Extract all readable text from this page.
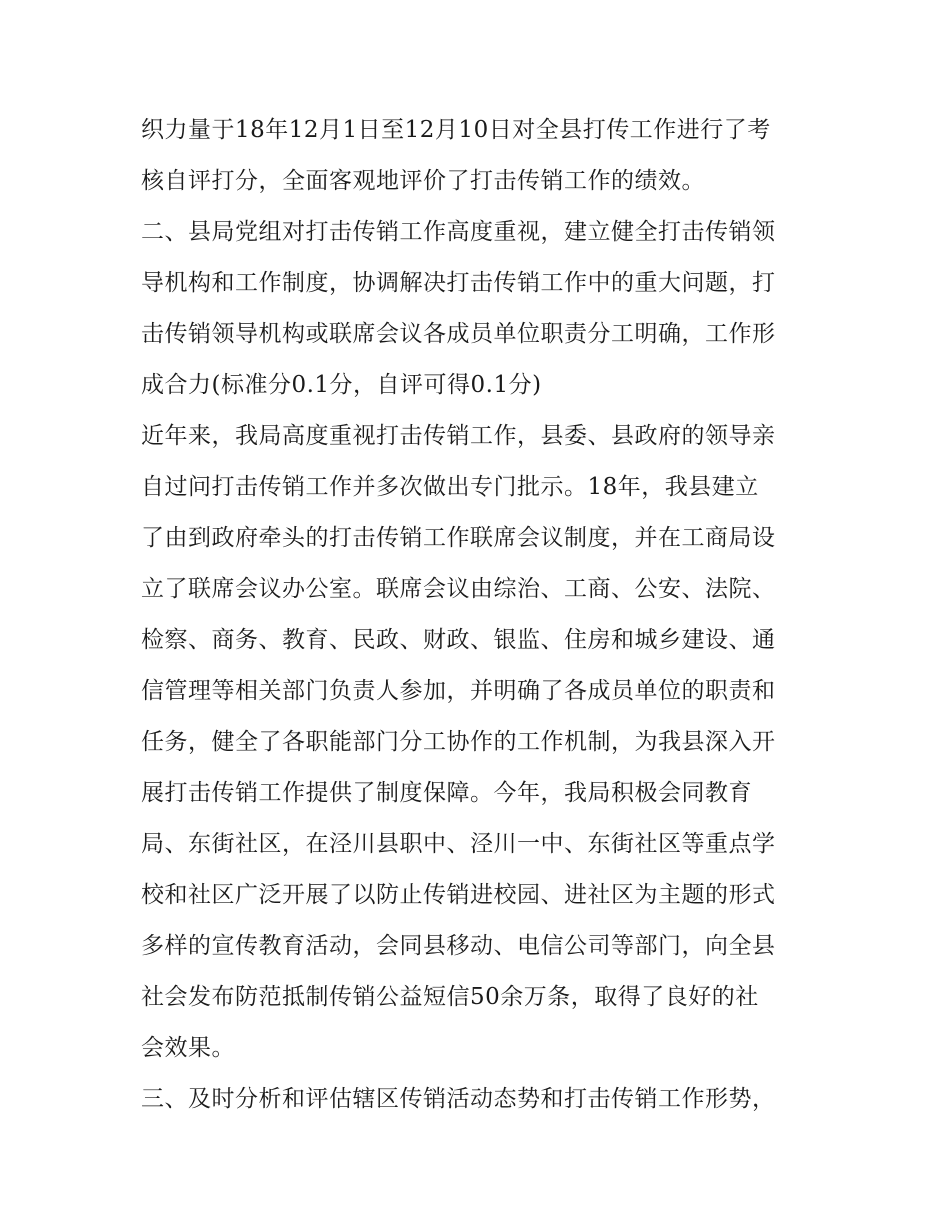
织力量于18年12月1日至12月10日对全县打传工作进行了考

核自评打分，全面客观地评价了打击传销工作的绩效。

二、县局党组对打击传销工作高度重视，建立健全打击传销领

导机构和工作制度，协调解决打击传销工作中的重大问题，打

击传销领导机构或联席会议各成员单位职责分工明确，工作形

成合力(标准分0.1分，自评可得0.1分)

近年来，我局高度重视打击传销工作，县委、县政府的领导亲

自过问打击传销工作并多次做出专门批示。18年，我县建立

了由到政府牵头的打击传销工作联席会议制度，并在工商局设

立了联席会议办公室。联席会议由综治、工商、公安、法院、

检察、商务、教育、民政、财政、银监、住房和城乡建设、通

信管理等相关部门负责人参加，并明确了各成员单位的职责和

任务，健全了各职能部门分工协作的工作机制，为我县深入开

展打击传销工作提供了制度保障。今年，我局积极会同教育

局、东街社区，在泾川县职中、泾川一中、东街社区等重点学

校和社区广泛开展了以防止传销进校园、进社区为主题的形式

多样的宣传教育活动，会同县移动、电信公司等部门，向全县

社会发布防范抵制传销公益短信50余万条，取得了良好的社

会效果。

三、及时分析和评估辖区传销活动态势和打击传销工作形势，
